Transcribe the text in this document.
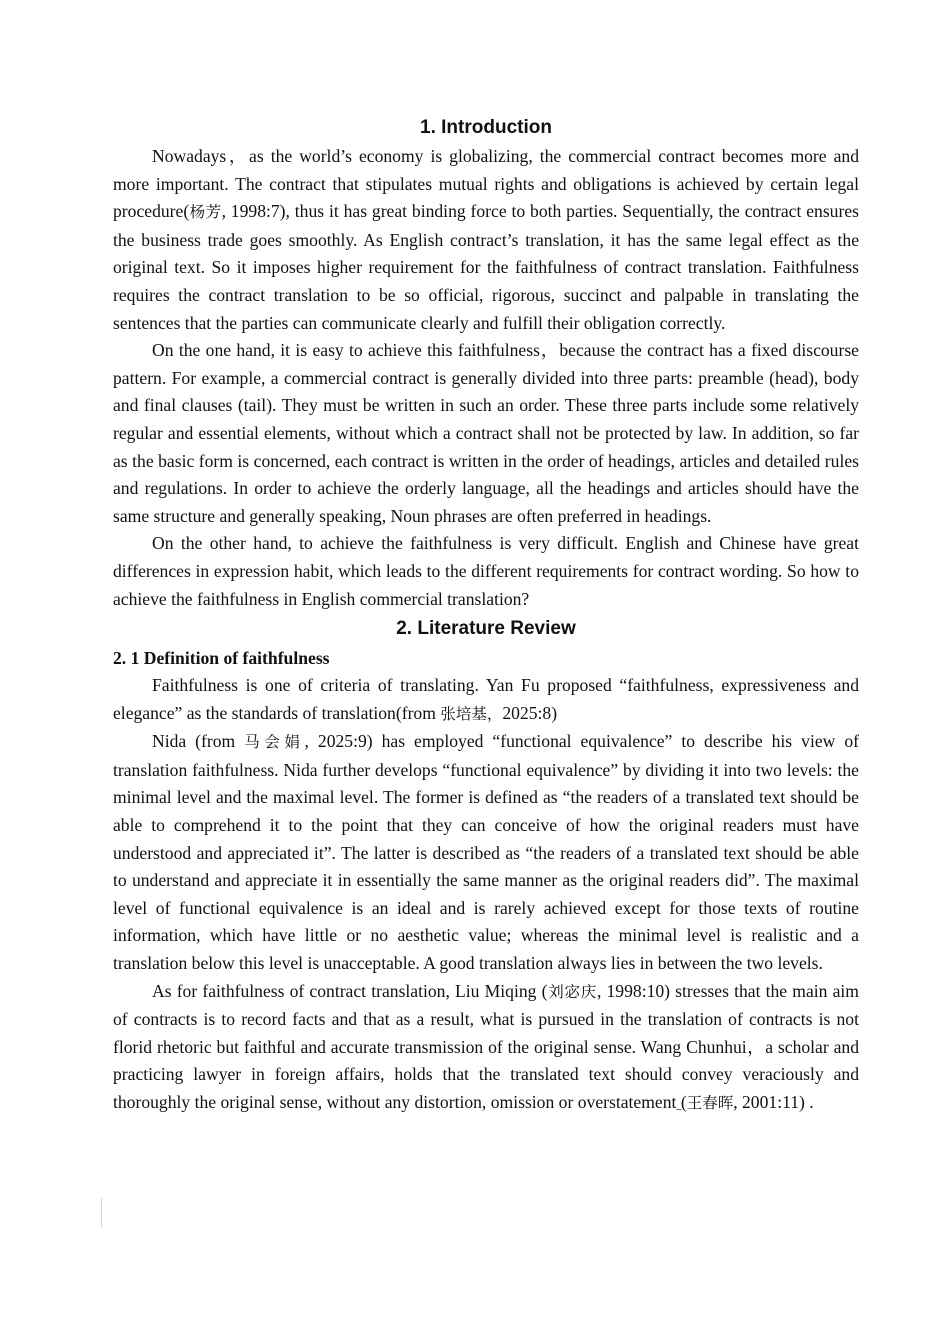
1. Introduction

Nowadays，as the world’s economy is globalizing, the commercial contract becomes more and more important. The contract that stipulates mutual rights and obligations is achieved by certain legal procedure(杨芳, 1998:7), thus it has great binding force to both parties. Sequentially, the contract ensures the business trade goes smoothly. As English contract’s translation, it has the same legal effect as the original text. So it imposes higher requirement for the faithfulness of contract translation. Faithfulness requires the contract translation to be so official, rigorous, succinct and palpable in translating the sentences that the parties can communicate clearly and fulfill their obligation correctly.

On the one hand, it is easy to achieve this faithfulness，because the contract has a fixed discourse pattern. For example, a commercial contract is generally divided into three parts: preamble (head), body and final clauses (tail). They must be written in such an order. These three parts include some relatively regular and essential elements, without which a contract shall not be protected by law. In addition, so far as the basic form is concerned, each contract is written in the order of headings, articles and detailed rules and regulations. In order to achieve the orderly language, all the headings and articles should have the same structure and generally speaking, Noun phrases are often preferred in headings.

On the other hand, to achieve the faithfulness is very difficult. English and Chinese have great differences in expression habit, which leads to the different requirements for contract wording. So how to achieve the faithfulness in English commercial translation?

2. Literature Review
2. 1 Definition of faithfulness

Faithfulness is one of criteria of translating. Yan Fu proposed “faithfulness, expressiveness and elegance” as the standards of translation(from 张培基，2025:8)

Nida (from 马会娟, 2025:9) has employed “functional equivalence” to describe his view of translation faithfulness. Nida further develops “functional equivalence” by dividing it into two levels: the minimal level and the maximal level. The former is defined as “the readers of a translated text should be able to comprehend it to the point that they can conceive of how the original readers must have understood and appreciated it”. The latter is described as “the readers of a translated text should be able to understand and appreciate it in essentially the same manner as the original readers did”. The maximal level of functional equivalence is an ideal and is rarely achieved except for those texts of routine information, which have little or no aesthetic value; whereas the minimal level is realistic and a translation below this level is unacceptable. A good translation always lies in between the two levels.

As for faithfulness of contract translation, Liu Miqing (刘宓庆, 1998:10) stresses that the main aim of contracts is to record facts and that as a result, what is pursued in the translation of contracts is not florid rhetoric but faithful and accurate transmission of the original sense. Wang Chunhui，a scholar and practicing lawyer in foreign affairs, holds that the translated text should convey veraciously and thoroughly the original sense, without any distortion, omission or overstatement (王春晖, 2001:11) .
